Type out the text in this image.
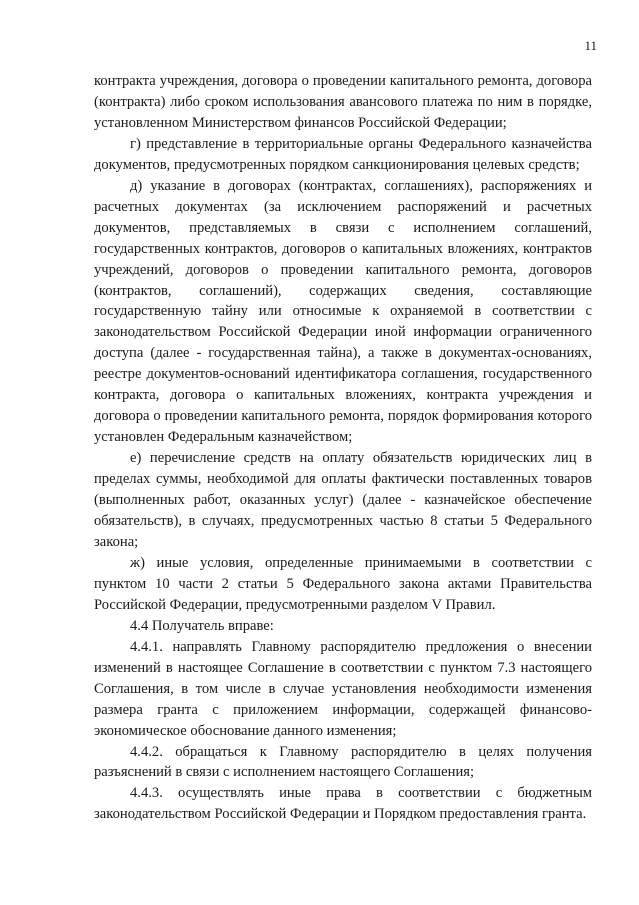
11

контракта учреждения, договора о проведении капитального ремонта, договора (контракта) либо сроком использования авансового платежа по ним в порядке, установленном Министерством финансов Российской Федерации;

г) представление в территориальные органы Федерального казначейства документов, предусмотренных порядком санкционирования целевых средств;

д) указание в договорах (контрактах, соглашениях), распоряжениях и расчетных документах (за исключением распоряжений и расчетных документов, представляемых в связи с исполнением соглашений, государственных контрактов, договоров о капитальных вложениях, контрактов учреждений, договоров о проведении капитального ремонта, договоров (контрактов, соглашений), содержащих сведения, составляющие государственную тайну или относимые к охраняемой в соответствии с законодательством Российской Федерации иной информации ограниченного доступа (далее - государственная тайна), а также в документах-основаниях, реестре документов-оснований идентификатора соглашения, государственного контракта, договора о капитальных вложениях, контракта учреждения и договора о проведении капитального ремонта, порядок формирования которого установлен Федеральным казначейством;

е) перечисление средств на оплату обязательств юридических лиц в пределах суммы, необходимой для оплаты фактически поставленных товаров (выполненных работ, оказанных услуг) (далее - казначейское обеспечение обязательств), в случаях, предусмотренных частью 8 статьи 5 Федерального закона;

ж) иные условия, определенные принимаемыми в соответствии с пунктом 10 части 2 статьи 5 Федерального закона актами Правительства Российской Федерации, предусмотренными разделом V Правил.

4.4 Получатель вправе:

4.4.1. направлять Главному распорядителю предложения о внесении изменений в настоящее Соглашение в соответствии с пунктом 7.3 настоящего Соглашения, в том числе в случае установления необходимости изменения размера гранта с приложением информации, содержащей финансово-экономическое обоснование данного изменения;

4.4.2. обращаться к Главному распорядителю в целях получения разъяснений в связи с исполнением настоящего Соглашения;

4.4.3. осуществлять иные права в соответствии с бюджетным законодательством Российской Федерации и Порядком предоставления гранта.
